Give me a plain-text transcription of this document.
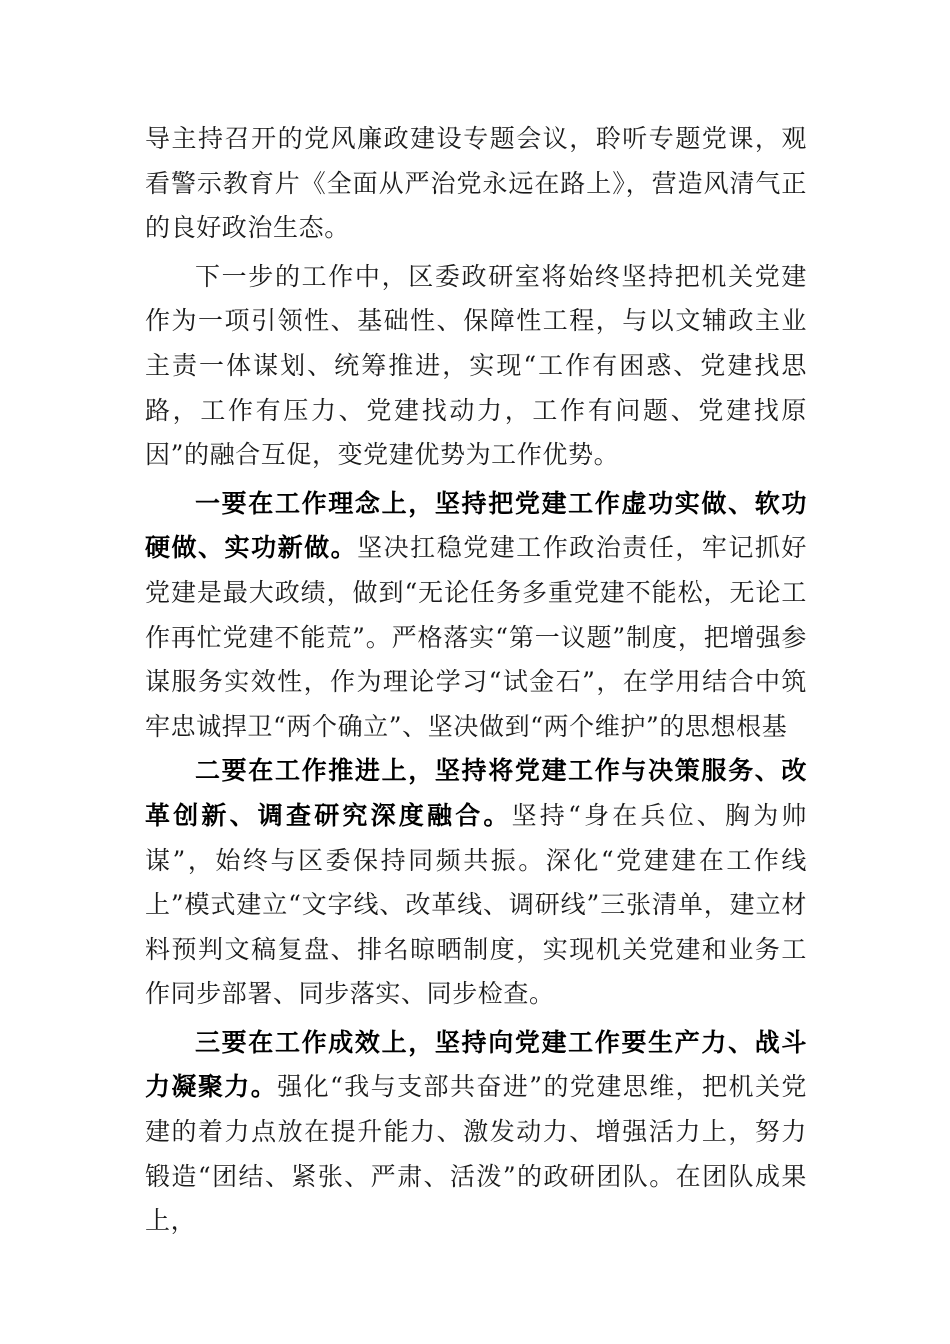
导主持召开的党风廉政建设专题会议，聆听专题党课，观看警示教育片《全面从严治党永远在路上》，营造风清气正的良好政治生态。

下一步的工作中，区委政研室将始终坚持把机关党建作为一项引领性、基础性、保障性工程，与以文辅政主业主责一体谋划、统筹推进，实现“工作有困惑、党建找思路，工作有压力、党建找动力，工作有问题、党建找原因”的融合互促，变党建优势为工作优势。

一要在工作理念上，坚持把党建工作虚功实做、软功硬做、实功新做。坚决扛稳党建工作政治责任，牢记抓好党建是最大政绩，做到“无论任务多重党建不能松，无论工作再忙党建不能荒”。严格落实“第一议题”制度，把增强参谋服务实效性，作为理论学习“试金石”，在学用结合中筑牢忠诚捍卫“两个确立”、坚决做到“两个维护”的思想根基

二要在工作推进上，坚持将党建工作与决策服务、改革创新、调查研究深度融合。坚持“身在兵位、胸为帅谋”，始终与区委保持同频共振。深化“党建建在工作线上”模式建立“文字线、改革线、调研线”三张清单，建立材料预判文稿复盘、排名晾晒制度，实现机关党建和业务工作同步部署、同步落实、同步检查。

三要在工作成效上，坚持向党建工作要生产力、战斗力凝聚力。强化“我与支部共奋进”的党建思维，把机关党建的着力点放在提升能力、激发动力、增强活力上，努力锻造“团结、紧张、严肃、活泼”的政研团队。在团队成果上，
